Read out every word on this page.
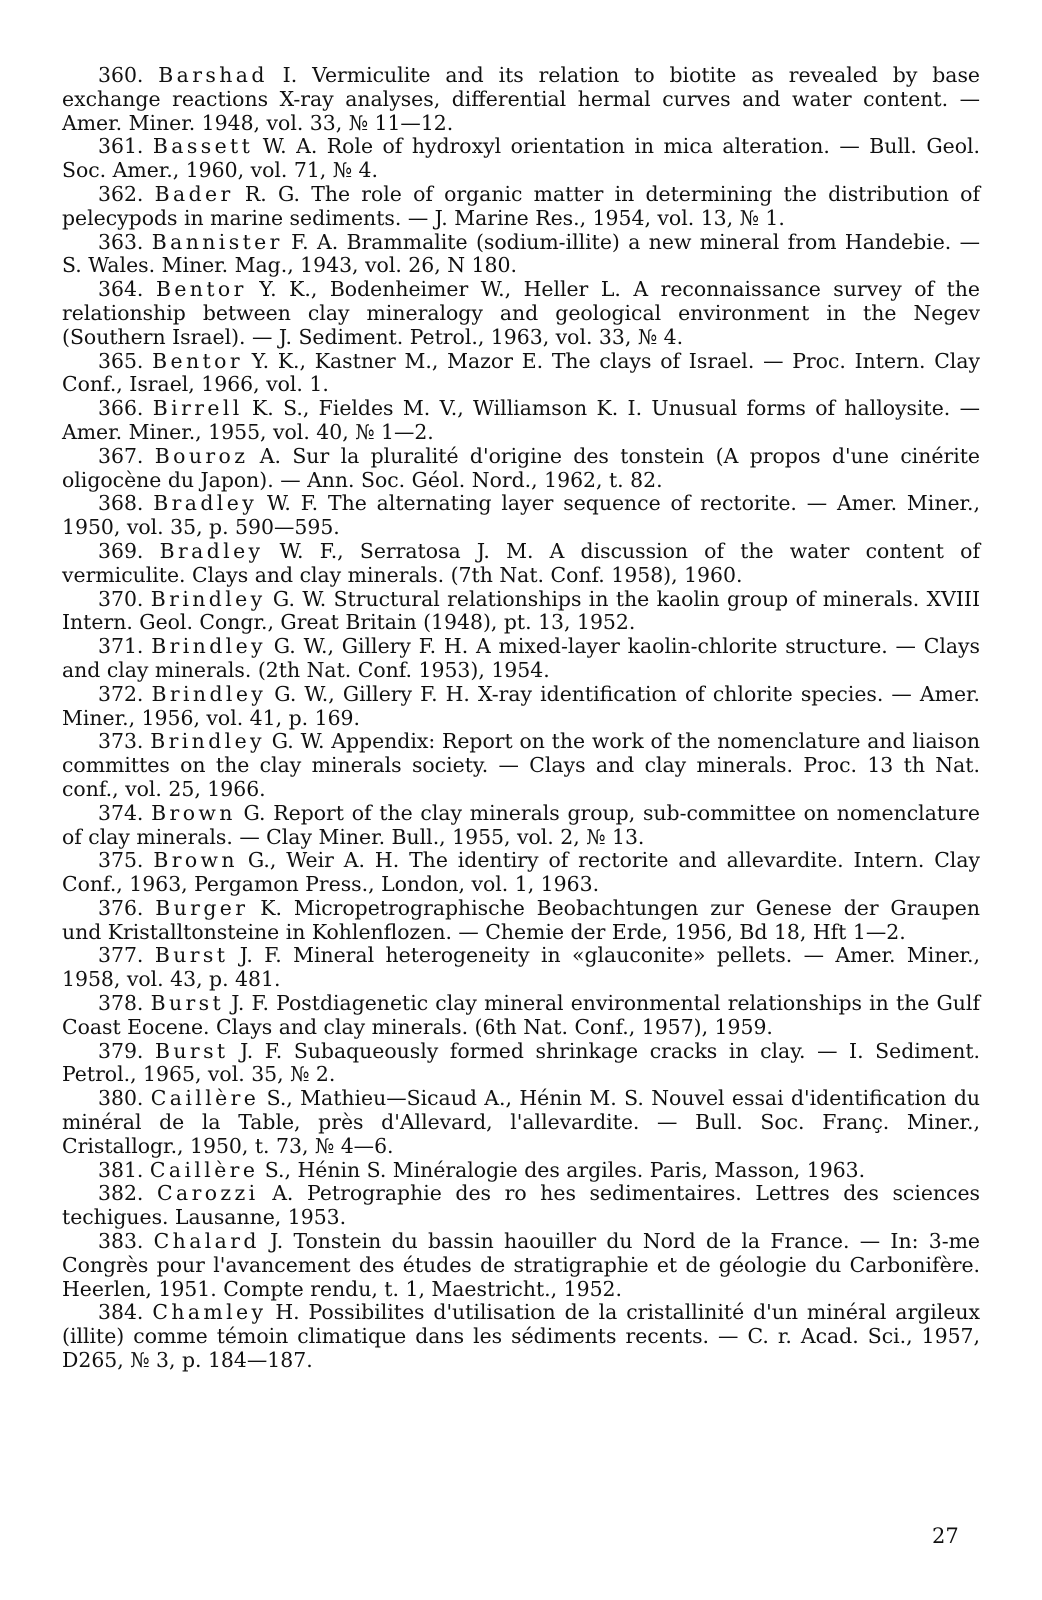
360. Barshad I. Vermiculite and its relation to biotite as revealed by base exchange reactions X-ray analyses, differential hermal curves and water content. — Amer. Miner. 1948, vol. 33, № 11—12.

361. Bassett W. A. Role of hydroxyl orientation in mica alteration. — Bull. Geol. Soc. Amer., 1960, vol. 71, № 4.

362. Bader R. G. The role of organic matter in determining the distribution of pelecypods in marine sediments. — J. Marine Res., 1954, vol. 13, № 1.

363. Bannister F. A. Brammalite (sodium-illite) a new mineral from Handebie. — S. Wales. Miner. Mag., 1943, vol. 26, N 180.

364. Bentor Y. K., Bodenheimer W., Heller L. A reconnaissance survey of the relationship between clay mineralogy and geological environment in the Negev (Southern Israel). — J. Sediment. Petrol., 1963, vol. 33, № 4.

365. Bentor Y. K., Kastner M., Mazor E. The clays of Israel. — Proc. Intern. Clay Conf., Israel, 1966, vol. 1.

366. Birrell K. S., Fieldes M. V., Williamson K. I. Unusual forms of halloysite. — Amer. Miner., 1955, vol. 40, № 1—2.

367. Bouroz A. Sur la pluralité d'origine des tonstein (A propos d'une cinérite oligocène du Japon). — Ann. Soc. Géol. Nord., 1962, t. 82.

368. Bradley W. F. The alternating layer sequence of rectorite. — Amer. Miner., 1950, vol. 35, p. 590—595.

369. Bradley W. F., Serratosa J. M. A discussion of the water content of vermiculite. Clays and clay minerals. (7th Nat. Conf. 1958), 1960.

370. Brindley G. W. Structural relationships in the kaolin group of minerals. XVIII Intern. Geol. Congr., Great Britain (1948), pt. 13, 1952.

371. Brindley G. W., Gillery F. H. A mixed-layer kaolin-chlorite structure. — Clays and clay minerals. (2th Nat. Conf. 1953), 1954.

372. Brindley G. W., Gillery F. H. X-ray identification of chlorite species. — Amer. Miner., 1956, vol. 41, p. 169.

373. Brindley G. W. Appendix: Report on the work of the nomenclature and liaison committes on the clay minerals society. — Clays and clay minerals. Proc. 13 th Nat. conf., vol. 25, 1966.

374. Brown G. Report of the clay minerals group, sub-committee on nomenclature of clay minerals. — Clay Miner. Bull., 1955, vol. 2, № 13.

375. Brown G., Weir A. H. The identiry of rectorite and allevardite. Intern. Clay Conf., 1963, Pergamon Press., London, vol. 1, 1963.

376. Burger K. Micropetrographische Beobachtungen zur Genese der Graupen und Kristalltonsteine in Kohlenflozen. — Chemie der Erde, 1956, Bd 18, Hft 1—2.

377. Burst J. F. Mineral heterogeneity in «glauconite» pellets. — Amer. Miner., 1958, vol. 43, p. 481.

378. Burst J. F. Postdiagenetic clay mineral environmental relationships in the Gulf Coast Eocene. Clays and clay minerals. (6th Nat. Conf., 1957), 1959.

379. Burst J. F. Subaqueously formed shrinkage cracks in clay. — I. Sediment. Petrol., 1965, vol. 35, № 2.

380. Caillère S., Mathieu—Sicaud A., Hénin M. S. Nouvel essai d'identification du minéral de la Table, près d'Allevard, l'allevardite. — Bull. Soc. Franç. Miner., Cristallogr., 1950, t. 73, № 4—6.

381. Caillère S., Hénin S. Minéralogie des argiles. Paris, Masson, 1963.

382. Carozzi A. Petrographie des ro hes sedimentaires. Lettres des sciences techigues. Lausanne, 1953.

383. Chalard J. Tonstein du bassin haouiller du Nord de la France. — In: 3-me Congrès pour l'avancement des études de stratigraphie et de géologie du Carbonifère. Heerlen, 1951. Compte rendu, t. 1, Maestricht., 1952.

384. Chamley H. Possibilites d'utilisation de la cristallinité d'un minéral argileux (illite) comme témoin climatique dans les sédiments recents. — C. r. Acad. Sci., 1957, D265, № 3, p. 184—187.

27
